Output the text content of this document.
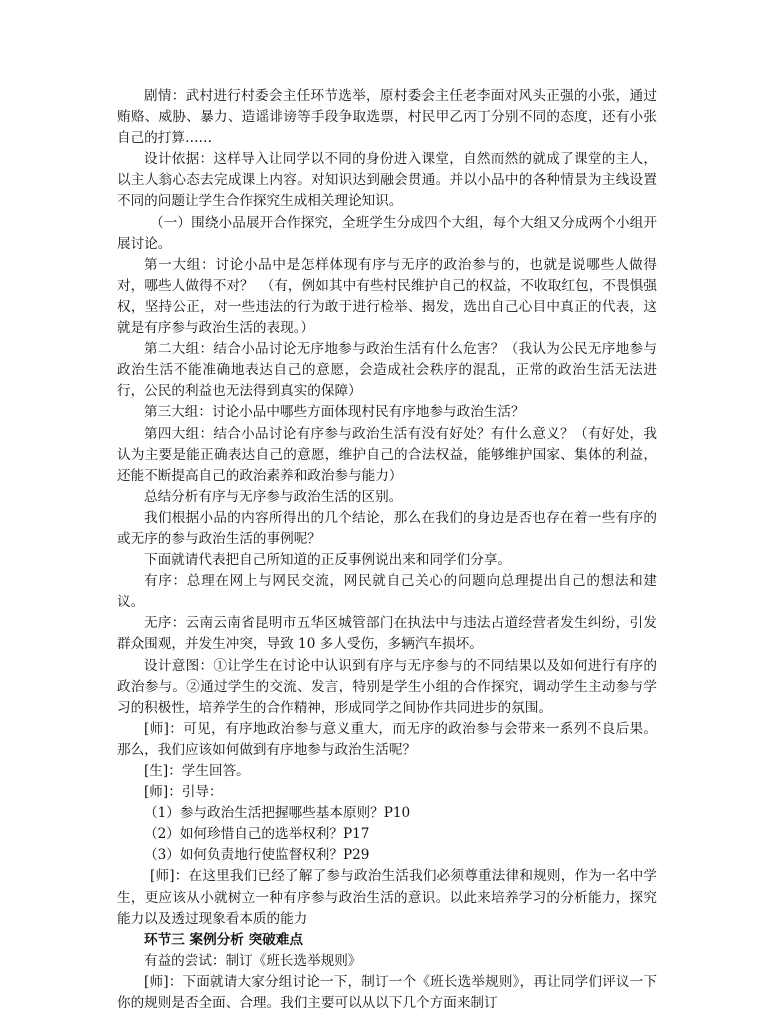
剧情：武村进行村委会主任环节选举，原村委会主任老李面对风头正强的小张，通过贿赂、威胁、暴力、造谣诽谤等手段争取选票，村民甲乙丙丁分别不同的态度，还有小张自己的打算……

设计依据：这样导入让同学以不同的身份进入课堂，自然而然的就成了课堂的主人，以主人翁心态去完成课上内容。对知识达到融会贯通。并以小品中的各种情景为主线设置不同的问题让学生合作探究生成相关理论知识。

（一）围绕小品展开合作探究，全班学生分成四个大组，每个大组又分成两个小组开展讨论。

第一大组：讨论小品中是怎样体现有序与无序的政治参与的，也就是说哪些人做得对，哪些人做得不对？　（有，例如其中有些村民维护自己的权益，不收取红包，不畏惧强权，坚持公正，对一些违法的行为敢于进行检举、揭发，选出自己心目中真正的代表，这就是有序参与政治生活的表现。）

第二大组：结合小品讨论无序地参与政治生活有什么危害？（我认为公民无序地参与政治生活不能准确地表达自己的意愿，会造成社会秩序的混乱，正常的政治生活无法进行，公民的利益也无法得到真实的保障）

第三大组：讨论小品中哪些方面体现村民有序地参与政治生活？

第四大组：结合小品讨论有序参与政治生活有没有好处？有什么意义？（有好处，我认为主要是能正确表达自己的意愿，维护自己的合法权益，能够维护国家、集体的利益，还能不断提高自己的政治素养和政治参与能力）

总结分析有序与无序参与政治生活的区别。

我们根据小品的内容所得出的几个结论，那么在我们的身边是否也存在着一些有序的或无序的参与政治生活的事例呢？

下面就请代表把自己所知道的正反事例说出来和同学们分享。

有序：总理在网上与网民交流，网民就自己关心的问题向总理提出自己的想法和建议。

无序：云南云南省昆明市五华区城管部门在执法中与违法占道经营者发生纠纷，引发群众围观，并发生冲突，导致 10 多人受伤，多辆汽车损坏。

设计意图：①让学生在讨论中认识到有序与无序参与的不同结果以及如何进行有序的政治参与。②通过学生的交流、发言，特别是学生小组的合作探究，调动学生主动参与学习的积极性，培养学生的合作精神，形成同学之间协作共同进步的氛围。

[师]：可见，有序地政治参与意义重大，而无序的政治参与会带来一系列不良后果。那么，我们应该如何做到有序地参与政治生活呢？

[生]：学生回答。

[师]：引导：

（1）参与政治生活把握哪些基本原则？P10

（2）如何珍惜自己的选举权利？P17

（3）如何负责地行使监督权利？P29

[师]：在这里我们已经了解了参与政治生活我们必须尊重法律和规则，作为一名中学生，更应该从小就树立一种有序参与政治生活的意识。以此来培养学习的分析能力，探究能力以及透过现象看本质的能力

环节三 案例分析 突破难点

有益的尝试：制订《班长选举规则》

[师]：下面就请大家分组讨论一下，制订一个《班长选举规则》，再让同学们评议一下你的规则是否全面、合理。我们主要可以从以下几个方面来制订
